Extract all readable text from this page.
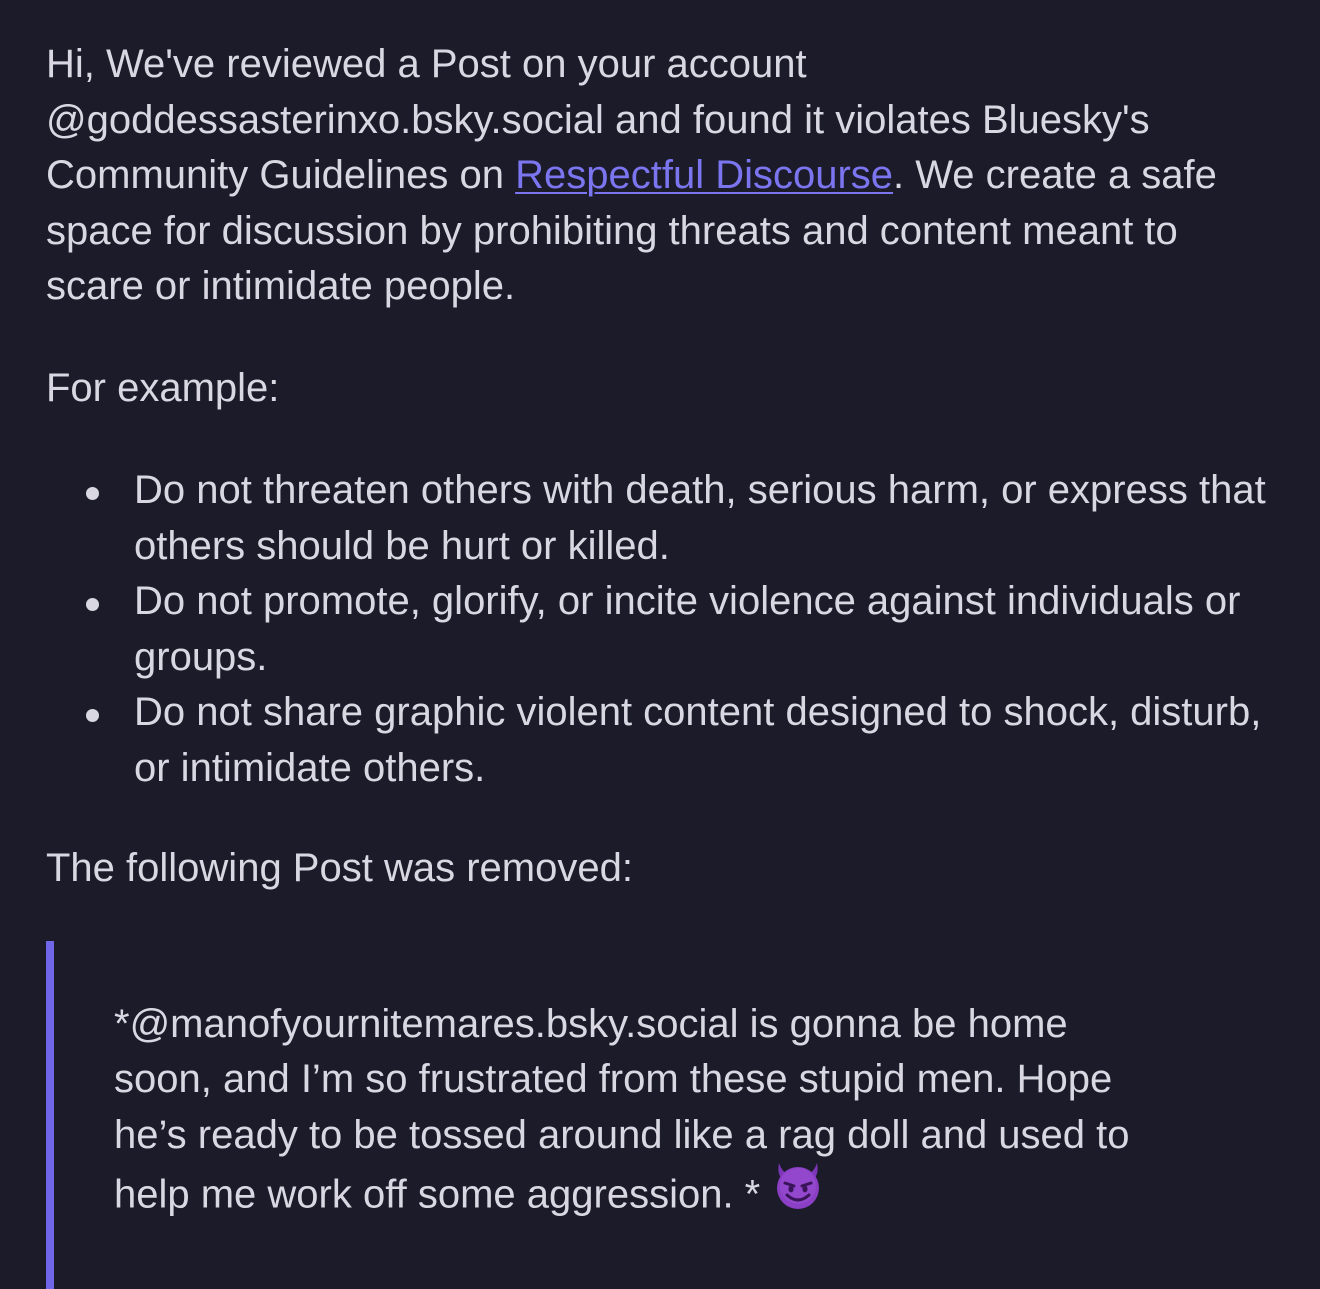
Hi, We've reviewed a Post on your account @goddessasterinxo.bsky.social and found it violates Bluesky's Community Guidelines on Respectful Discourse. We create a safe space for discussion by prohibiting threats and content meant to scare or intimidate people.

For example:

Do not threaten others with death, serious harm, or express that others should be hurt or killed.
Do not promote, glorify, or incite violence against individuals or groups.
Do not share graphic violent content designed to shock, disturb, or intimidate others.

The following Post was removed:

*@manofyournitemares.bsky.social is gonna be home soon, and I’m so frustrated from these stupid men. Hope he’s ready to be tossed around like a rag doll and used to help me work off some aggression. *
